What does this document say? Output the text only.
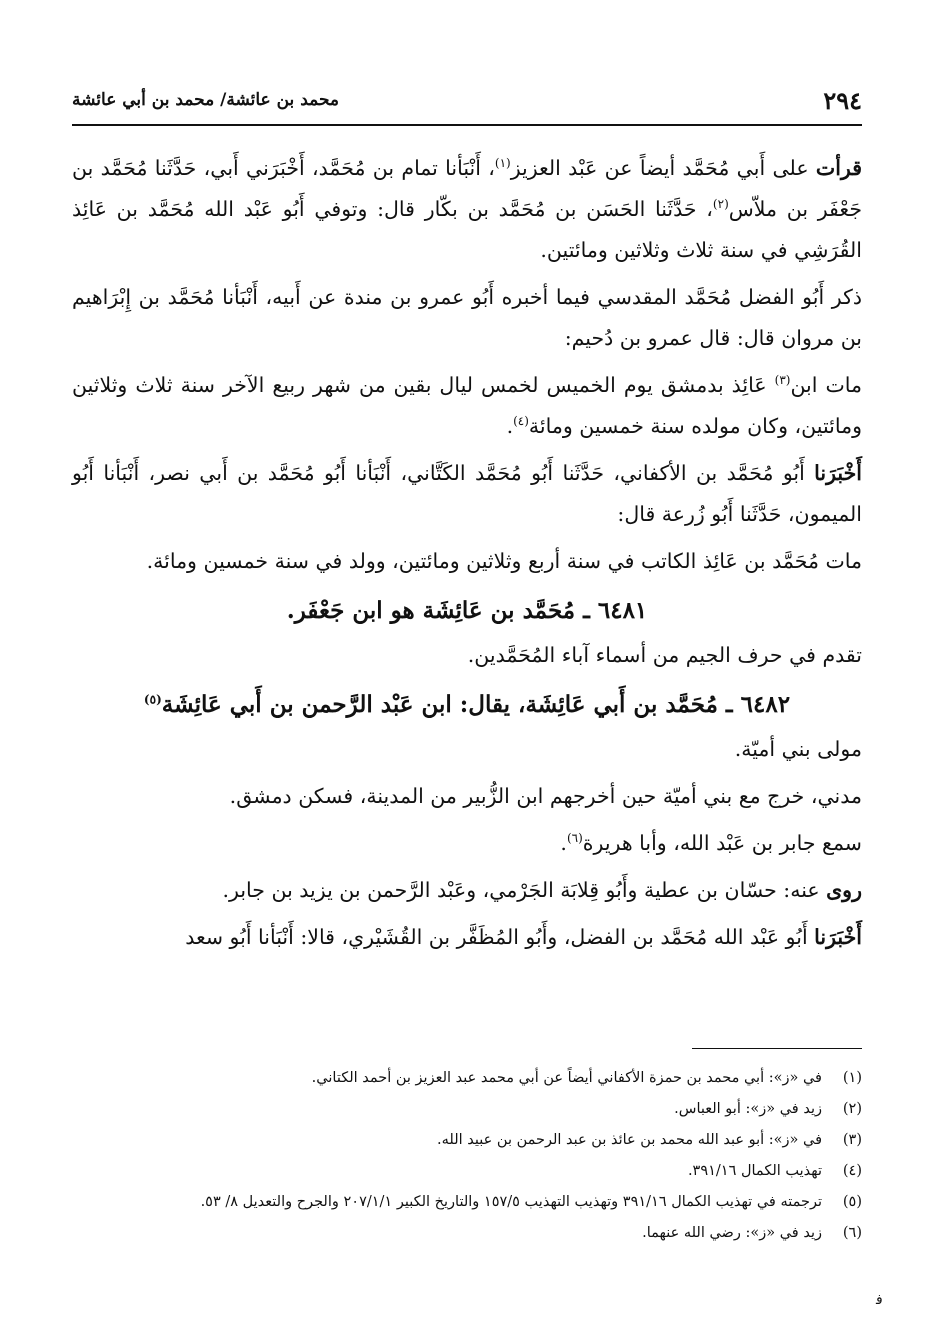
٢٩٤
محمد بن عائشة/ محمد بن أبي عائشة

قرأت على أَبي مُحَمَّد أيضاً عن عَبْد العزيز$^{(١)}$، أَنْبَأنا تمام بن مُحَمَّد، أَخْبَرَني أَبي، حَدَّثَنا مُحَمَّد بن جَعْفَر بن ملاّس$^{(٢)}$، حَدَّثَنا الحَسَن بن مُحَمَّد بن بكّار قال: وتوفي أَبُو عَبْد الله مُحَمَّد بن عَائِذ القُرَشِي في سنة ثلاث وثلاثين ومائتين.

ذكر أَبُو الفضل مُحَمَّد المقدسي فيما أخبره أَبُو عمرو بن مندة عن أَبيه، أَنْبَأنا مُحَمَّد بن إِبْرَاهيم بن مروان قال: قال عمرو بن دُحيم:

مات ابن$^{(٣)}$ عَائِذ بدمشق يوم الخميس لخمس ليال بقين من شهر ربيع الآخر سنة ثلاث وثلاثين ومائتين، وكان مولده سنة خمسين ومائة$^{(٤)}$.

أَخْبَرَنا أَبُو مُحَمَّد بن الأكفاني، حَدَّثَنا أَبُو مُحَمَّد الكَتَّاني، أَنْبَأنا أَبُو مُحَمَّد بن أَبي نصر، أَنْبَأنا أَبُو الميمون، حَدَّثَنا أَبُو زُرعة قال:

مات مُحَمَّد بن عَائِذ الكاتب في سنة أربع وثلاثين ومائتين، وولد في سنة خمسين ومائة.

٦٤٨١ ـ مُحَمَّد بن عَائِشَة هو ابن جَعْفَر.

تقدم في حرف الجيم من أسماء آباء المُحَمَّدين.

٦٤٨٢ ـ مُحَمَّد بن أَبي عَائِشَة، يقال: ابن عَبْد الرَّحمن بن أَبي عَائِشَة$^{(٥)}$

مولى بني أميّة.

مدني، خرج مع بني أميّة حين أخرجهم ابن الزُّبير من المدينة، فسكن دمشق.

سمع جابر بن عَبْد الله، وأبا هريرة$^{(٦)}$.

روى عنه: حسّان بن عطية وأَبُو قِلابَة الجَرْمي، وعَبْد الرَّحمن بن يزيد بن جابر.

أَخْبَرَنا أَبُو عَبْد الله مُحَمَّد بن الفضل، وأَبُو المُظَفَّر بن القُشَيْري، قالا: أَنْبَأنا أَبُو سعد

(١)
في «ز»: أبي محمد بن حمزة الأكفاني أيضاً عن أبي محمد عبد العزيز بن أحمد الكتاني.
(٢)
زيد في «ز»: أبو العباس.
(٣)
في «ز»: أبو عبد الله محمد بن عائذ بن عبد الرحمن بن عبيد الله.
(٤)
تهذيب الكمال ٣٩١/١٦.
(٥)
ترجمته في تهذيب الكمال ٣٩١/١٦ وتهذيب التهذيب ١٥٧/٥ والتاريخ الكبير ٢٠٧/١/١ والجرح والتعديل ٨/ ٥٣.
(٦)
زيد في «ز»: رضي الله عنهما.
ﻓ
